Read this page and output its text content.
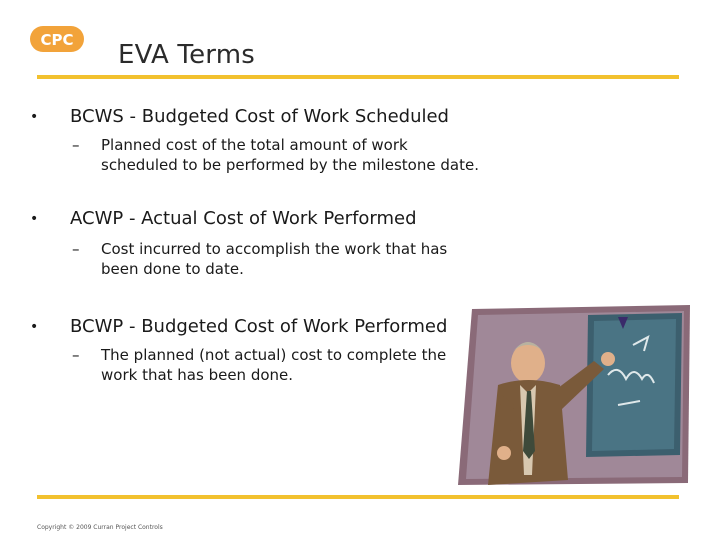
CPC EVA Terms
• BCWS - Budgeted Cost of Work Scheduled
– Planned cost of the total amount of work
scheduled to be performed by the milestone date.
• ACWP - Actual Cost of Work Performed
– Cost incurred to accomplish the work that has
been done to date.
• BCWP - Budgeted Cost of Work Performed
– The planned (not actual) cost to complete the
work that has been done.
Copyright © 2009 Curran Project Controls
